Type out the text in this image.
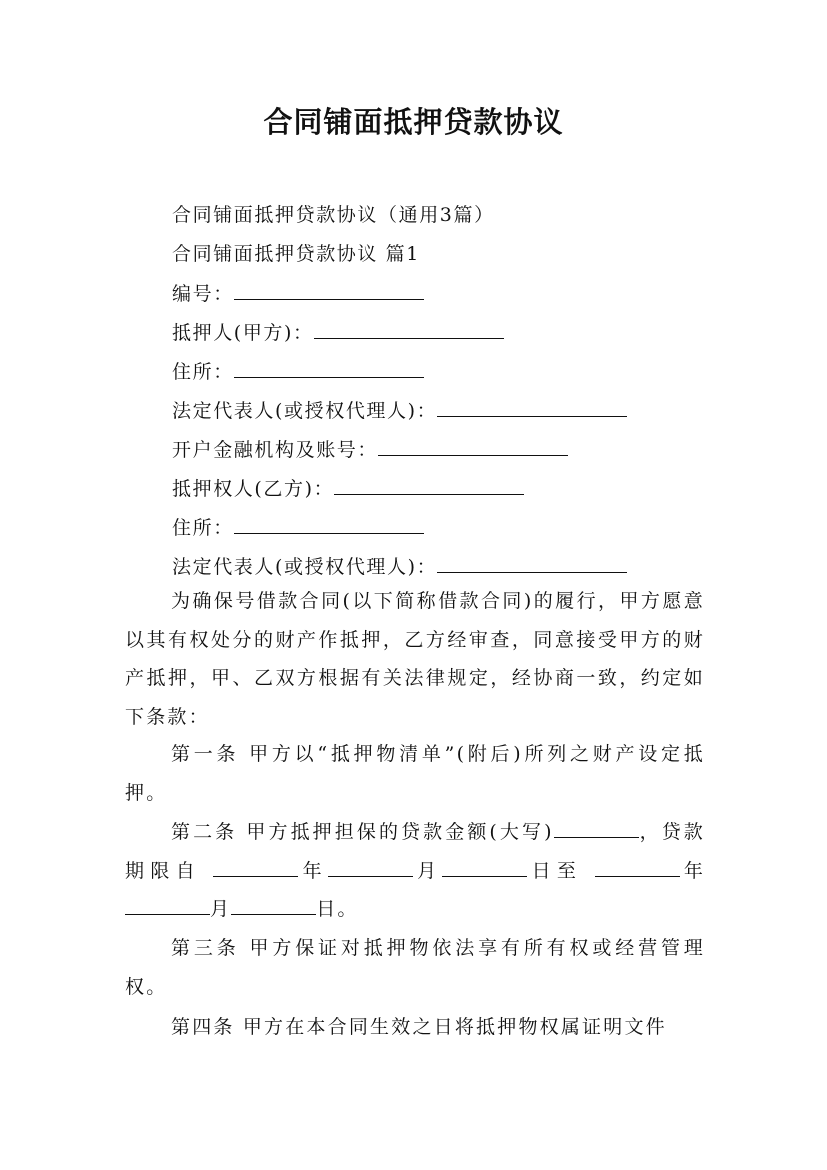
合同铺面抵押贷款协议
合同铺面抵押贷款协议（通用3篇）
合同铺面抵押贷款协议 篇1
编号：
抵押人(甲方)：
住所：
法定代表人(或授权代理人)：
开户金融机构及账号：
抵押权人(乙方)：
住所：
法定代表人(或授权代理人)：
为确保号借款合同(以下简称借款合同)的履行，甲方愿意以其有权处分的财产作抵押，乙方经审查，同意接受甲方的财产抵押，甲、乙双方根据有关法律规定，经协商一致，约定如下条款：
第一条 甲方以“抵押物清单”(附后)所列之财产设定抵押。
第二条 甲方抵押担保的贷款金额(大写)	，贷款期限自	年	月	日至	年月	日。
第三条 甲方保证对抵押物依法享有所有权或经营管理权。
第四条 甲方在本合同生效之日将抵押物权属证明文件
